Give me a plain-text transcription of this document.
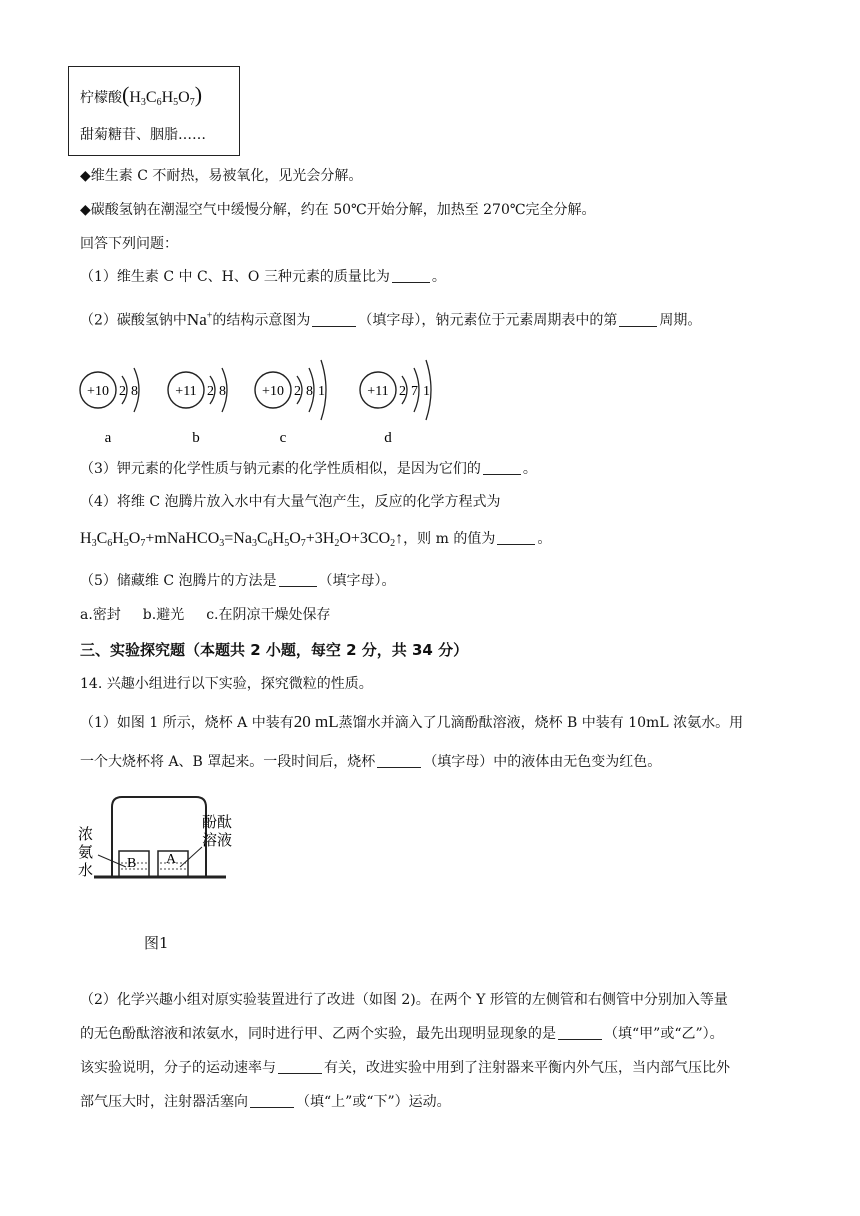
柠檬酸$(H_3C_6H_5O_7)$
甜菊糖苷、胭脂……
◆维生素 C 不耐热，易被氧化，见光会分解。
◆碳酸氢钠在潮湿空气中缓慢分解，约在 50℃开始分解，加热至 270℃完全分解。
回答下列问题：
（1）维生素 C 中 C、H、O 三种元素的质量比为	。
（2）碳酸氢钠中Na+的结构示意图为	（填字母），钠元素位于元素周期表中的第	周期。
+10 2 8
a
+11 2 8
b
+10 2 8 1
c
+11 2 7 1
d
（3）钾元素的化学性质与钠元素的化学性质相似，是因为它们的	。
（4）将维 C 泡腾片放入水中有大量气泡产生，反应的化学方程式为
$H_3C_6H_5O_7+mNaHCO_3=Na_3C_6H_5O_7+3H_2O+3CO_2↑$，则 m 的值为	。
（5）储藏维 C 泡腾片的方法是	（填字母）。
a.密封 b.避光 c.在阴凉干燥处保存
三、实验探究题（本题共 2 小题，每空 2 分，共 34 分）
14. 兴趣小组进行以下实验，探究微粒的性质。
（1）如图 1 所示，烧杯 A 中装有20 mL蒸馏水并滴入了几滴酚酞溶液，烧杯 B 中装有 10mL 浓氨水。用
一个大烧杯将 A、B 罩起来。一段时间后，烧杯	（填字母）中的液体由无色变为红色。
B A
浓
氨
水
酚酞
溶液
图1
（2）化学兴趣小组对原实验装置进行了改进（如图 2)。在两个 Y 形管的左侧管和右侧管中分别加入等量
的无色酚酞溶液和浓氨水，同时进行甲、乙两个实验，最先出现明显现象的是	（填“甲”或“乙”）。
该实验说明，分子的运动速率与	有关，改进实验中用到了注射器来平衡内外气压，当内部气压比外
部气压大时，注射器活塞向	（填“上”或“下”）运动。
